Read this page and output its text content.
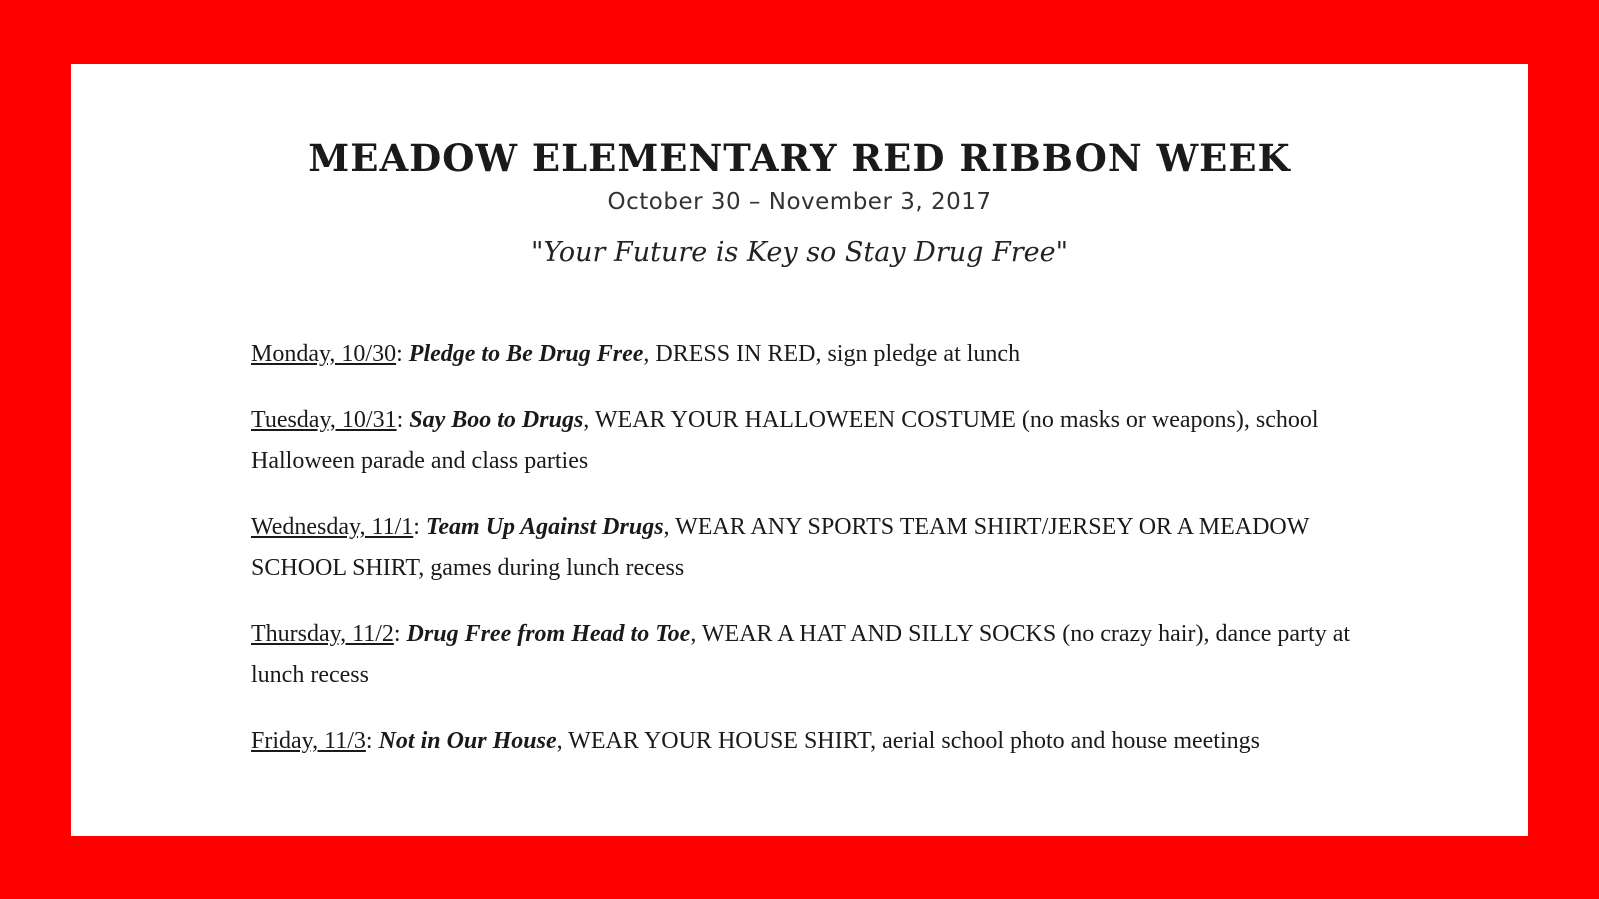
MEADOW ELEMENTARY RED RIBBON WEEK
October 30 – November 3, 2017
"Your Future is Key so Stay Drug Free"
Monday, 10/30: Pledge to Be Drug Free, DRESS IN RED, sign pledge at lunch
Tuesday, 10/31: Say Boo to Drugs, WEAR YOUR HALLOWEEN COSTUME (no masks or weapons), school Halloween parade and class parties
Wednesday, 11/1: Team Up Against Drugs, WEAR ANY SPORTS TEAM SHIRT/JERSEY OR A MEADOW SCHOOL SHIRT, games during lunch recess
Thursday, 11/2: Drug Free from Head to Toe, WEAR A HAT AND SILLY SOCKS (no crazy hair), dance party at lunch recess
Friday, 11/3: Not in Our House, WEAR YOUR HOUSE SHIRT, aerial school photo and house meetings
